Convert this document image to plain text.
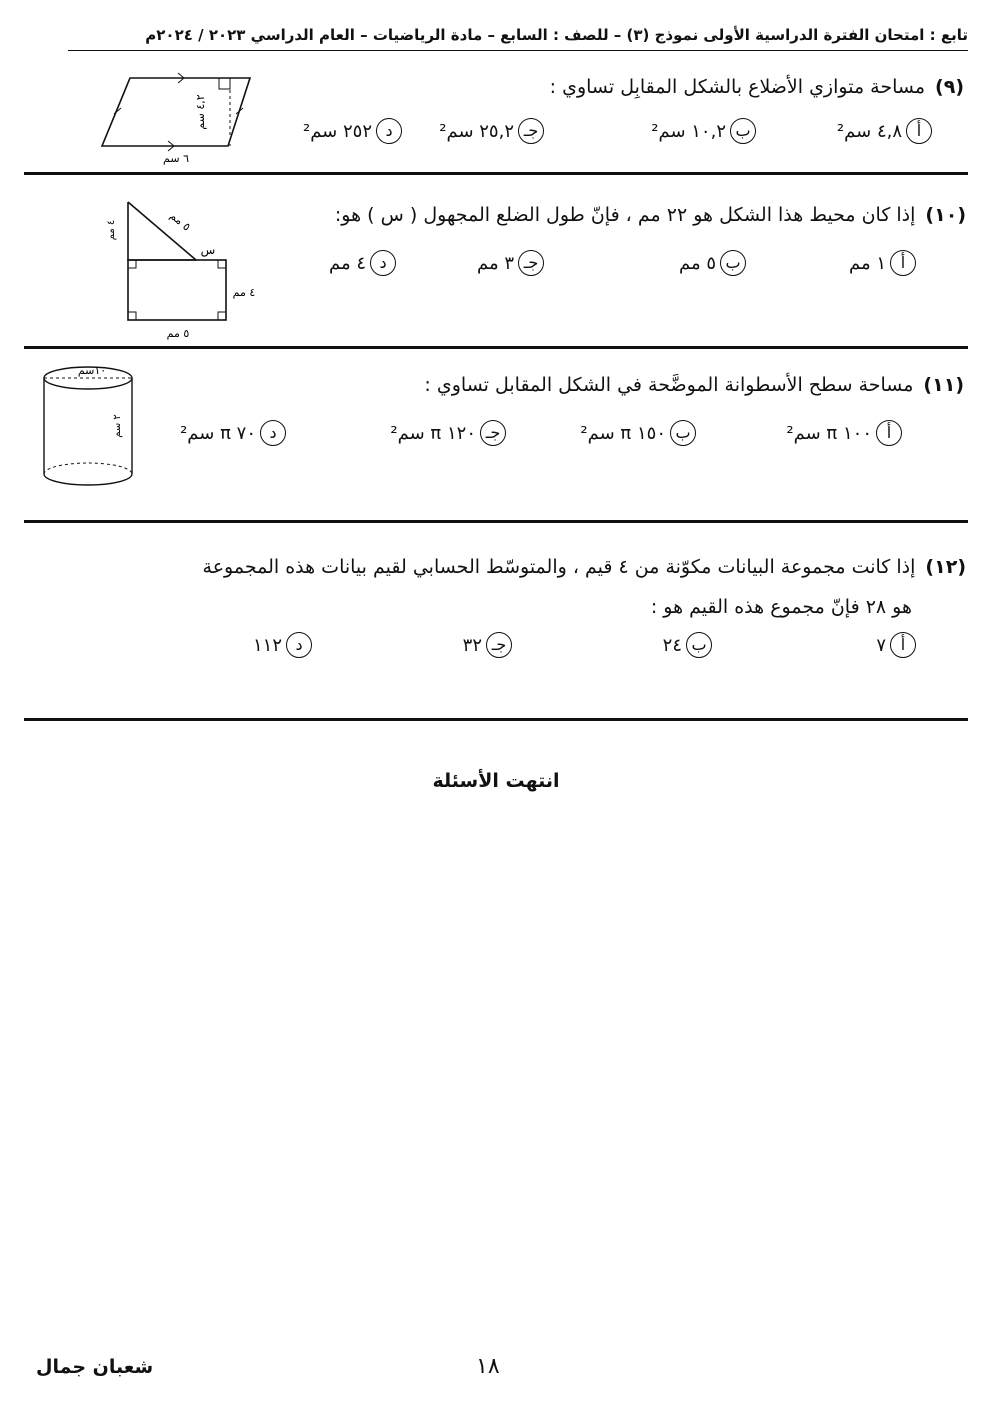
تابع : امتحان الفترة الدراسية الأولى نموذج (٣) – للصف : السابع – مادة الرياضيات – العام الدراسي ٢٠٢٣ / ٢٠٢٤م
(٩)مساحة متوازي الأضلاع بالشكل المقابِل تساوي :
أ
٤,٨ سم²
ب
١٠,٢ سم²
جـ
٢٥,٢ سم²
د
٢٥٢ سم²
٤,٢ سم
٦ سم
(١٠)إذا كان محيط هذا الشكل هو ٢٢ مم ، فإنّ طول الضلع المجهول ( س ) هو:
أ
١ مم
ب
٥ مم
جـ
٣ مم
د
٤ مم
٥ مم
٤ مم
س
٤ مم
٥ مم
(١١)مساحة سطح الأسطوانة الموضَّحة في الشكل المقابل تساوي :
أ
١٠٠ π سم²
ب
١٥٠ π سم²
جـ
١٢٠ π سم²
د
٧٠ π سم²
١٠سم
٢ سم
(١٢)إذا كانت مجموعة البيانات مكوّنة من ٤ قيم ، والمتوسّط الحسابي لقيم بيانات هذه المجموعة
هو ٢٨ فإنّ مجموع هذه القيم هو :
أ
٧
ب
٢٤
جـ
٣٢
د
١١٢
انتهت الأسئلة
١٨
شعبان جمال
